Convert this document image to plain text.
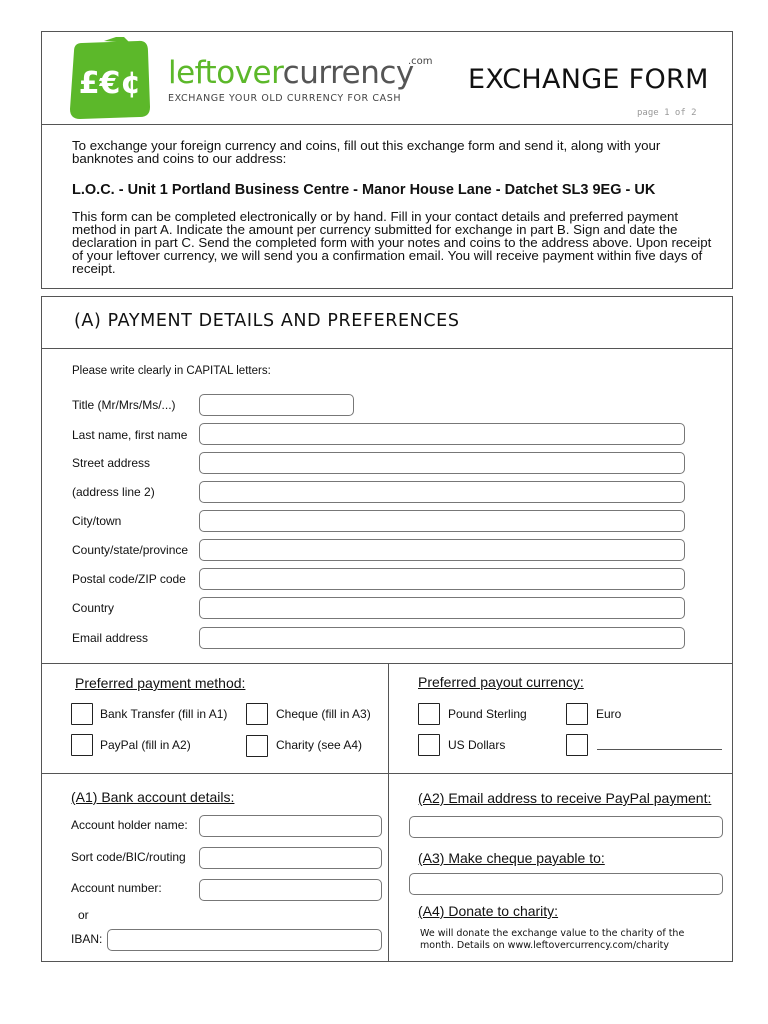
£€¢ leftovercurrency
.com
EXCHANGE YOUR OLD CURRENCY FOR CASH
EXCHANGE FORM
page 1 of 2
To exchange your foreign currency and coins, fill out this exchange form and send it, along with your banknotes and coins to our address:
L.O.C. - Unit 1 Portland Business Centre - Manor House Lane - Datchet SL3 9EG - UK
This form can be completed electronically or by hand. Fill in your contact details and preferred payment method in part A. Indicate the amount per currency submitted for exchange in part B. Sign and date the declaration in part C. Send the completed form with your notes and coins to the address above. Upon receipt of your leftover currency, we will send you a confirmation email. You will receive payment within five days of receipt.
(A) PAYMENT DETAILS AND PREFERENCES
Please write clearly in CAPITAL letters:
Title (Mr/Mrs/Ms/...)
Last name, first name
Street address
(address line 2)
City/town
County/state/province
Postal code/ZIP code
Country
Email address
Preferred payment method:
Bank Transfer (fill in A1)	Cheque (fill in A3)
PayPal (fill in A2)	Charity (see A4)
Preferred payout currency:
Pound Sterling	Euro
US Dollars
(A1) Bank account details:
Account holder name:
Sort code/BIC/routing
Account number:
or
IBAN:
(A2) Email address to receive PayPal payment:
(A3) Make cheque payable to:
(A4) Donate to charity:
We will donate the exchange value to the charity of the month. Details on www.leftovercurrency.com/charity
